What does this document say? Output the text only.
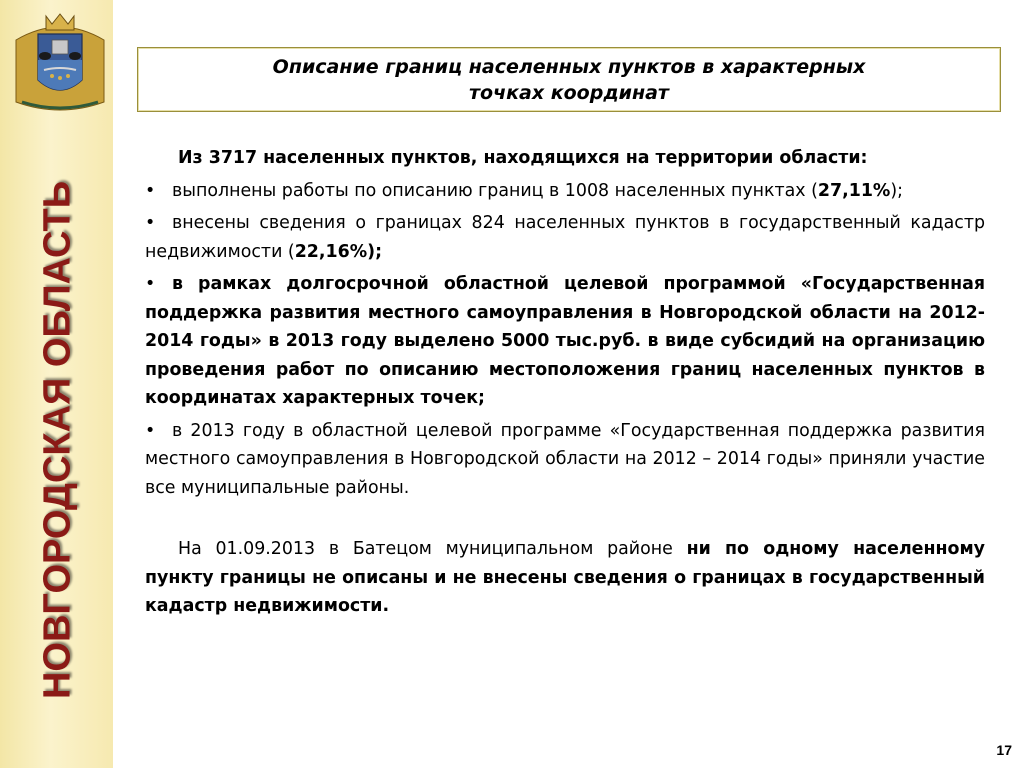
НОВГОРОДСКАЯ ОБЛАСТЬ
Описание границ населенных пунктов в характерных точках координат

Из 3717 населенных пунктов, находящихся на территории области:

• выполнены работы по описанию границ в 1008 населенных пунктах (27,11%);

• внесены сведения о границах 824 населенных пунктов в государственный кадастр недвижимости (22,16%);

• в рамках долгосрочной областной целевой программой «Государственная поддержка развития местного самоуправления в Новгородской области на 2012-2014 годы» в 2013 году выделено 5000 тыс.руб. в виде субсидий на организацию проведения работ по описанию местоположения границ населенных пунктов в координатах характерных точек;

• в 2013 году в областной целевой программе «Государственная поддержка развития местного самоуправления в Новгородской области на 2012 – 2014 годы» приняли участие все муниципальные районы.

На 01.09.2013 в Батецом муниципальном районе ни по одному населенному пункту границы не описаны и не внесены сведения о границах в государственный кадастр недвижимости.

17
